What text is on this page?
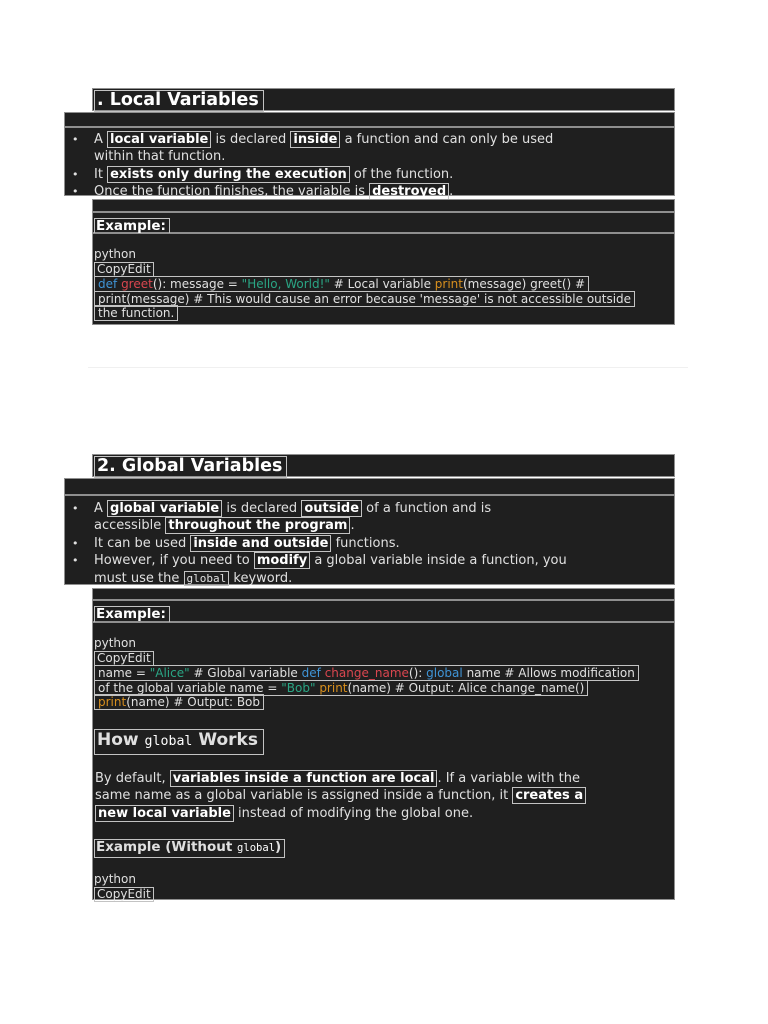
. Local Variables
• A local variable is declared inside a function and can only be used
within that function.
• It exists only during the execution of the function.
• Once the function finishes, the variable is destroyed .
Example:
python
CopyEdit
def greet(): message = "Hello, World!" # Local variable print(message) greet() #
print(message) # This would cause an error because 'message' is not accessible outside
the function.
2. Global Variables
• A global variable is declared outside of a function and is
accessible throughout the program .
• It can be used inside and outside functions.
• However, if you need to modify a global variable inside a function, you
must use the global keyword.
Example:
python
CopyEdit
name = "Alice" # Global variable def change_name(): global name # Allows modification
of the global variable name = "Bob" print(name) # Output: Alice change_name()
print(name) # Output: Bob
How global Works
By default, variables inside a function are local . If a variable with the
same name as a global variable is assigned inside a function, it creates a
new local variable instead of modifying the global one.
Example (Without global)
python
CopyEdit
